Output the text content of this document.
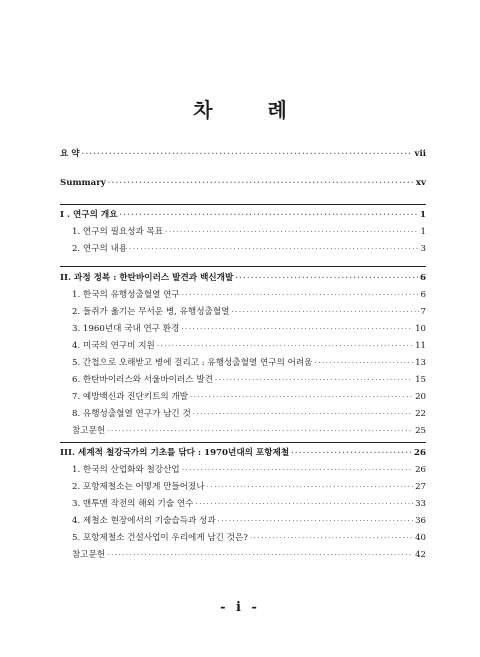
차 례
요 약 ·····	vii
Summary ·····	xv
I . 연구의 개요 ·····	1
1. 연구의 필요성과 목표 ·····	1
2. 연구의 내용 ·····	3
II. 과정 정복 : 한탄바이러스 발견과 백신개발 ·····	6
1. 한국의 유행성출혈열 연구 ·····	6
2. 들쥐가 옮기는 무서운 병, 유행성출혈열 ·····	7
3. 1960년대 국내 연구 환경 ·····	10
4. 미국의 연구비 지원 ·····	11
5. 간첩으로 오해받고 병에 걸리고 : 유행성출혈열 연구의 어려움 ·····	13
6. 한탄바이러스와 서울바이러스 발견 ·····	15
7. 예방백신과 진단키트의 개발 ·····	20
8. 유행성출혈열 연구가 남긴 것 ·····	22
참고문헌 ·····	25
III. 세계적 철강국가의 기초를 닦다 : 1970년대의 포항제철 ·····	26
1. 한국의 산업화와 철강산업 ·····	26
2. 포항제철소는 어떻게 만들어졌나 ·····	27
3. 맨투맨 작전의 해외 기술 연수 ·····	33
4. 제철소 현장에서의 기술습득과 성과 ·····	36
5. 포항제철소 건설사업이 우리에게 남긴 것은? ·····	40
참고문헌 ·····	42
- i -
